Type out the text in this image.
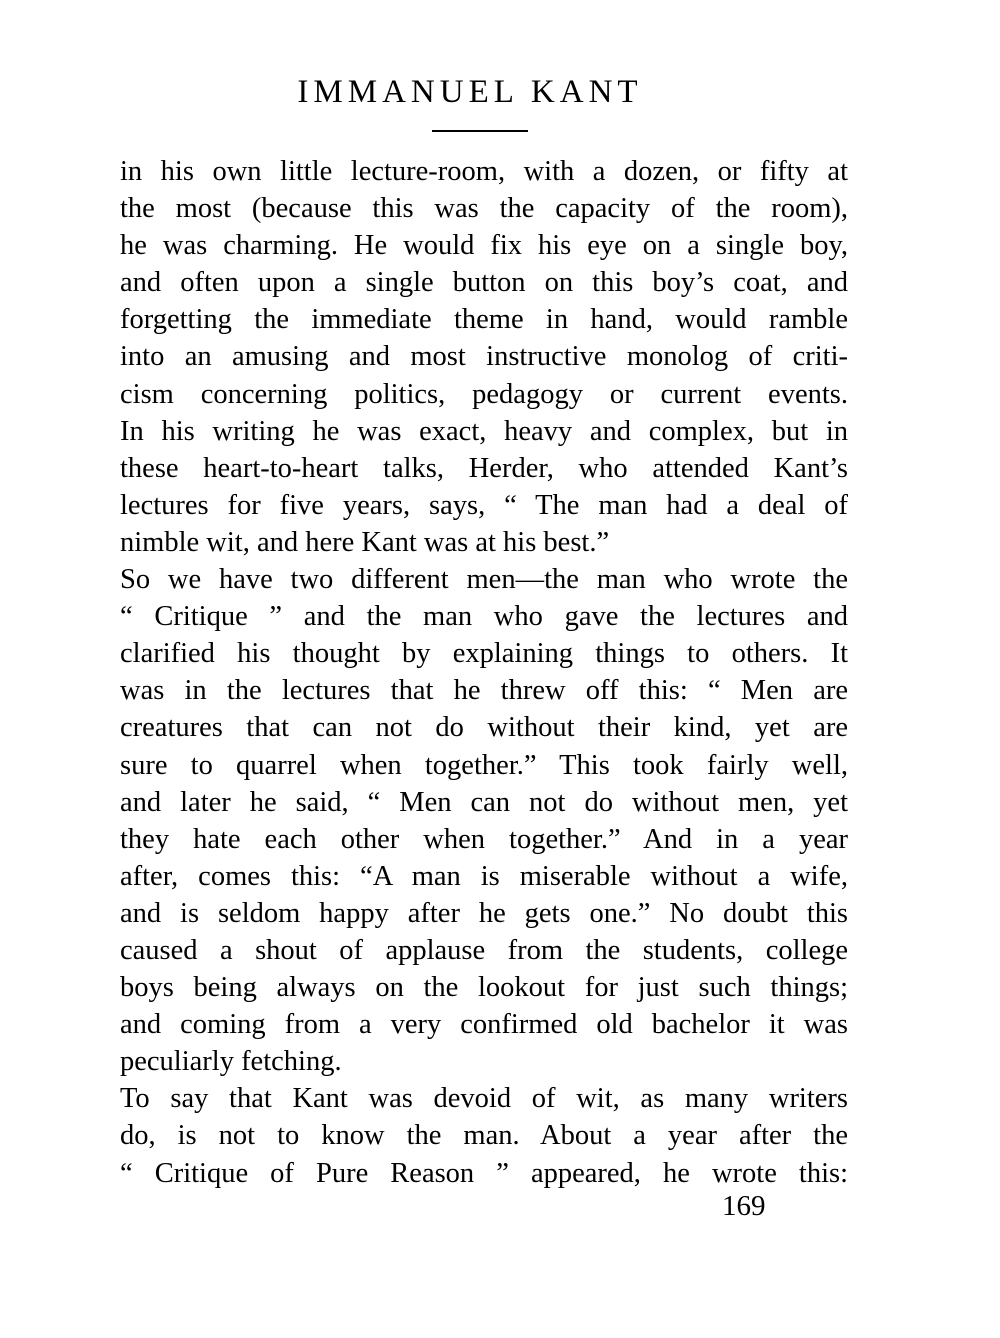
IMMANUEL KANT
in his own little lecture-room, with a dozen, or fifty at
the most (because this was the capacity of the room),
he was charming. He would fix his eye on a single boy,
and often upon a single button on this boy’s coat, and
forgetting the immediate theme in hand, would ramble
into an amusing and most instructive monolog of criti-
cism concerning politics, pedagogy or current events.
In his writing he was exact, heavy and complex, but in
these heart-to-heart talks, Herder, who attended Kant’s
lectures for five years, says, “ The man had a deal of
nimble wit, and here Kant was at his best.”
So we have two different men—the man who wrote the
“ Critique ” and the man who gave the lectures and
clarified his thought by explaining things to others. It
was in the lectures that he threw off this: “ Men are
creatures that can not do without their kind, yet are
sure to quarrel when together.” This took fairly well,
and later he said, “ Men can not do without men, yet
they hate each other when together.” And in a year
after, comes this: “A man is miserable without a wife,
and is seldom happy after he gets one.” No doubt this
caused a shout of applause from the students, college
boys being always on the lookout for just such things;
and coming from a very confirmed old bachelor it was
peculiarly fetching.
To say that Kant was devoid of wit, as many writers
do, is not to know the man. About a year after the
“ Critique of Pure Reason ” appeared, he wrote this:
169
